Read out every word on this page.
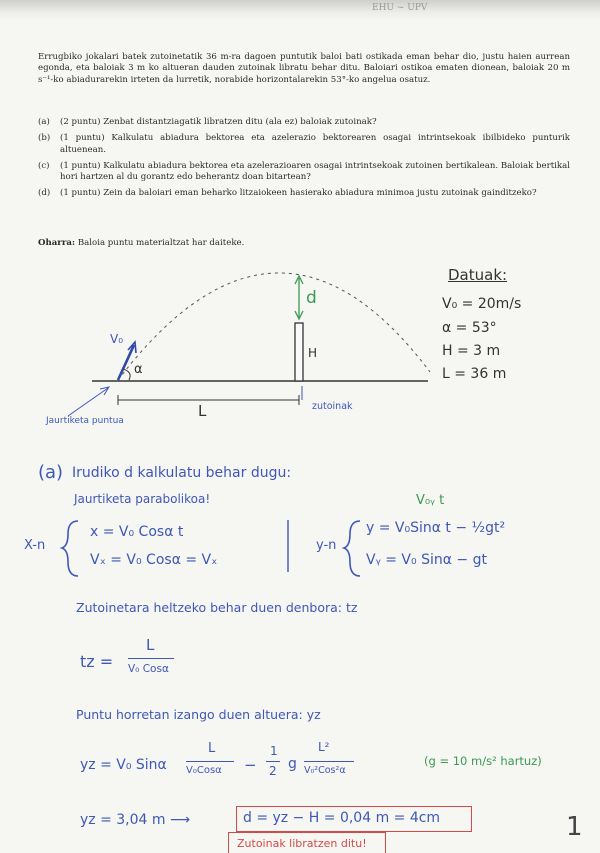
EHU ~ UPV

Errugbiko jokalari batek zutoinetatik 36 m-ra dagoen puntutik baloi bati ostikada eman behar dio, justu haien aurrean egonda, eta baloiak 3 m ko altueran dauden zutoinak libratu behar ditu. Baloiari ostikoa ematen dionean, baloiak 20 m s⁻¹-ko abiadurarekin irteten da lurretik, norabide horizontalarekin 53°-ko angelua osatuz.

(a) (2 puntu) Zenbat distantziagatik libratzen ditu (ala ez) baloiak zutoinak?
(b) (1 puntu) Kalkulatu abiadura bektorea eta azelerazio bektorearen osagai intrintsekoak ibilbideko punturik altuenean.
(c) (1 puntu) Kalkulatu abiadura bektorea eta azelerazioaren osagai intrintsekoak zutoinen bertikalean. Baloiak bertikal hori hartzen al du gorantz edo beherantz doan bitartean?
(d) (1 puntu) Zein da baloiari eman beharko litzaiokeen hasierako abiadura minimoa justu zutoinak gainditzeko?

Oharra: Baloia puntu materialtzat har daiteke.

V₀
α
d
H
L
Jaurtiketa puntua
zutoinak
Datuak:
V₀ = 20m/s
α = 53°
H = 3 m
L = 36 m
(a) Irudiko d kalkulatu behar dugu:
Jaurtiketa parabolikoa!	V₀ᵧ t
X-n
x = V₀ Cosα t
Vₓ = V₀ Cosα = Vₓ
y-n
y = V₀Sinα t − ½gt²
Vᵧ = V₀ Sinα − gt
Zutoinetara heltzeko behar duen denbora: tz
tz =
L
V₀ Cosα
Puntu horretan izango duen altuera: yz
yz = V₀ Sinα
L
V₀Cosα −
1
2 g
L²
V₀²Cos²α
(g = 10 m/s² hartuz)
yz = 3,04 m ⟶	d = yz − H = 0,04 m = 4cm
Zutoinak libratzen ditu!
1
